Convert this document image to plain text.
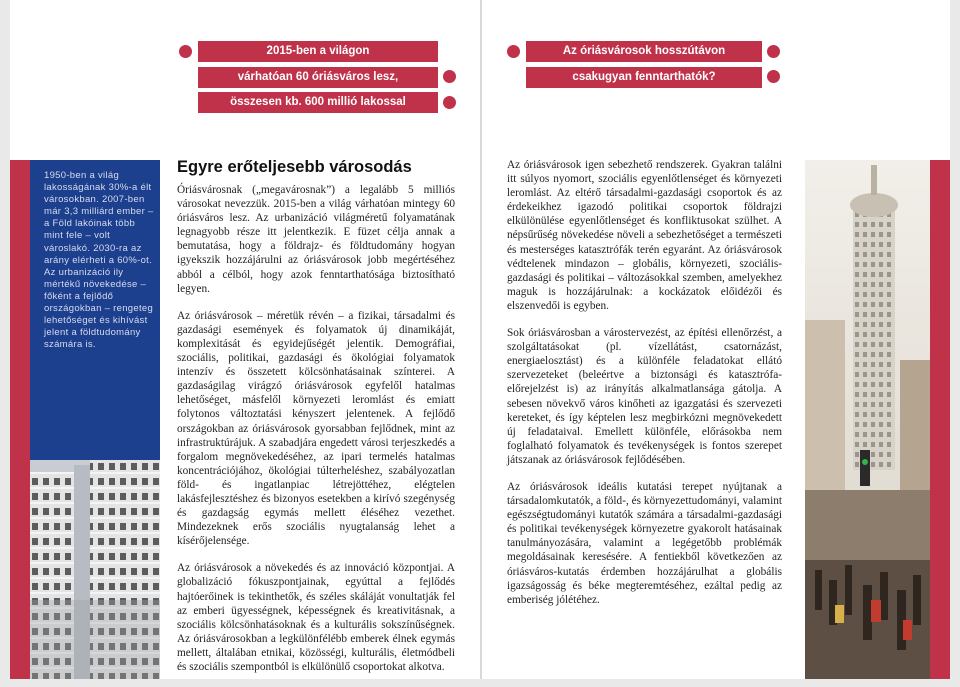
2015-ben a világon
várhatóan 60 óriásváros lesz,
összesen kb. 600 millió lakossal
Az óriásvárosok hosszútávon
csakugyan fenntarthatók?
1950-ben a világ lakosságának 30%-a élt városokban. 2007-ben már 3,3 milliárd ember – a Föld lakóinak több mint fele – volt városlakó. 2030-ra az arány elérheti a 60%-ot. Az urbanizáció ily mértékű növekedése – főként a fejlődő országokban – rengeteg lehetőséget és kihívást jelent a földtudomány számára is.
Egyre erőteljesebb városodás

Óriásvárosnak („megavárosnak”) a legalább 5 milliós városokat nevezzük. 2015-ben a világ várhatóan mintegy 60 óriásváros lesz. Az urbanizáció világméretű folyamatának legnagyobb része itt jelentkezik. E füzet célja annak a bemutatása, hogy a földrajz- és földtudomány hogyan igyekszik hozzájárulni az óriásvárosok jobb megértéséhez abból a célból, hogy azok fenntarthatósága biztosítható legyen.

Az óriásvárosok – méretük révén – a fizikai, társadalmi és gazdasági események és folyamatok új dinamikáját, komplexitását és egyidejűségét jelentik. Demográfiai, szociális, politikai, gazdasági és ökológiai folyamatok intenzív és összetett kölcsönhatásainak színterei. A gazdaságilag virágzó óriásvárosok egyfelől hatalmas lehetőséget, másfelől környezeti leromlást és emiatt folytonos változtatási kényszert jelentenek. A fejlődő országokban az óriásvárosok gyorsabban fejlődnek, mint az infrastruktúrájuk. A szabadjára engedett városi terjeszkedés a forgalom megnövekedéséhez, az ipari termelés hatalmas koncentrációjához, ökológiai túlterheléshez, szabályozatlan föld- és ingatlanpiac létrejöttéhez, elégtelen lakásfejlesztéshez és bizonyos esetekben a kirívó szegénység és gazdagság egymás mellett éléséhez vezethet. Mindezeknek erős szociális nyugtalanság lehet a kísérőjelensége.

Az óriásvárosok a növekedés és az innováció központjai. A globalizáció fókuszpontjainak, egyúttal a fejlődés hajtóerőinek is tekinthetők, és széles skáláját vonultatják fel az emberi ügyességnek, képességnek és kreativitásnak, a szociális kölcsönhatásoknak és a kulturális sokszínűségnek. Az óriásvárosokban a legkülönfélébb emberek élnek egymás mellett, általában etnikai, közösségi, kulturális, életmódbeli és szociális szempontból is elkülönülő csoportokat alkotva.

Az óriásvárosok igen sebezhető rendszerek. Gyakran találni itt súlyos nyomort, szociális egyenlőtlenséget és környezeti leromlást. Az eltérő társadalmi-gazdasági csoportok és az érdekeikhez igazodó politikai csoportok földrajzi elkülönülése egyenlőtlenséget és konfliktusokat szülhet. A népsűrűség növekedése növeli a sebezhetőséget a természeti és mesterséges katasztrófák terén egyaránt. Az óriásvárosok védtelenek mindazon – globális, környezeti, szociális-gazdasági és politikai – változásokkal szemben, amelyekhez maguk is hozzájárulnak: a kockázatok előidézői és elszenvedői is egyben.

Sok óriásvárosban a várostervezést, az építési ellenőrzést, a szolgáltatásokat (pl. vízellátást, csatornázást, energiaelosztást) és a különféle feladatokat ellátó szervezeteket (beleértve a biztonsági és katasztrófa-előrejelzést is) az irányítás alkalmatlansága gátolja. A sebesen növekvő város kinőheti az igazgatási és szervezeti kereteket, és így képtelen lesz megbirkózni megnövekedett új feladataival. Emellett különféle, előrásokba nem foglalható folyamatok és tevékenységek is fontos szerepet játszanak az óriásvárosok fejlődésében.

Az óriásvárosok ideális kutatási terepet nyújtanak a társadalomkutatók, a föld-, és környezettudományi, valamint egészségtudományi kutatók számára a társadalmi-gazdasági és politikai tevékenységek környezetre gyakorolt hatásainak tanulmányozására, valamint a legégetőbb problémák megoldásainak keresésére. A fentiekből következően az óriásváros-kutatás érdemben hozzájárulhat a globális igazságosság és béke megteremtéséhez, ezáltal pedig az emberiség jólétéhez.
